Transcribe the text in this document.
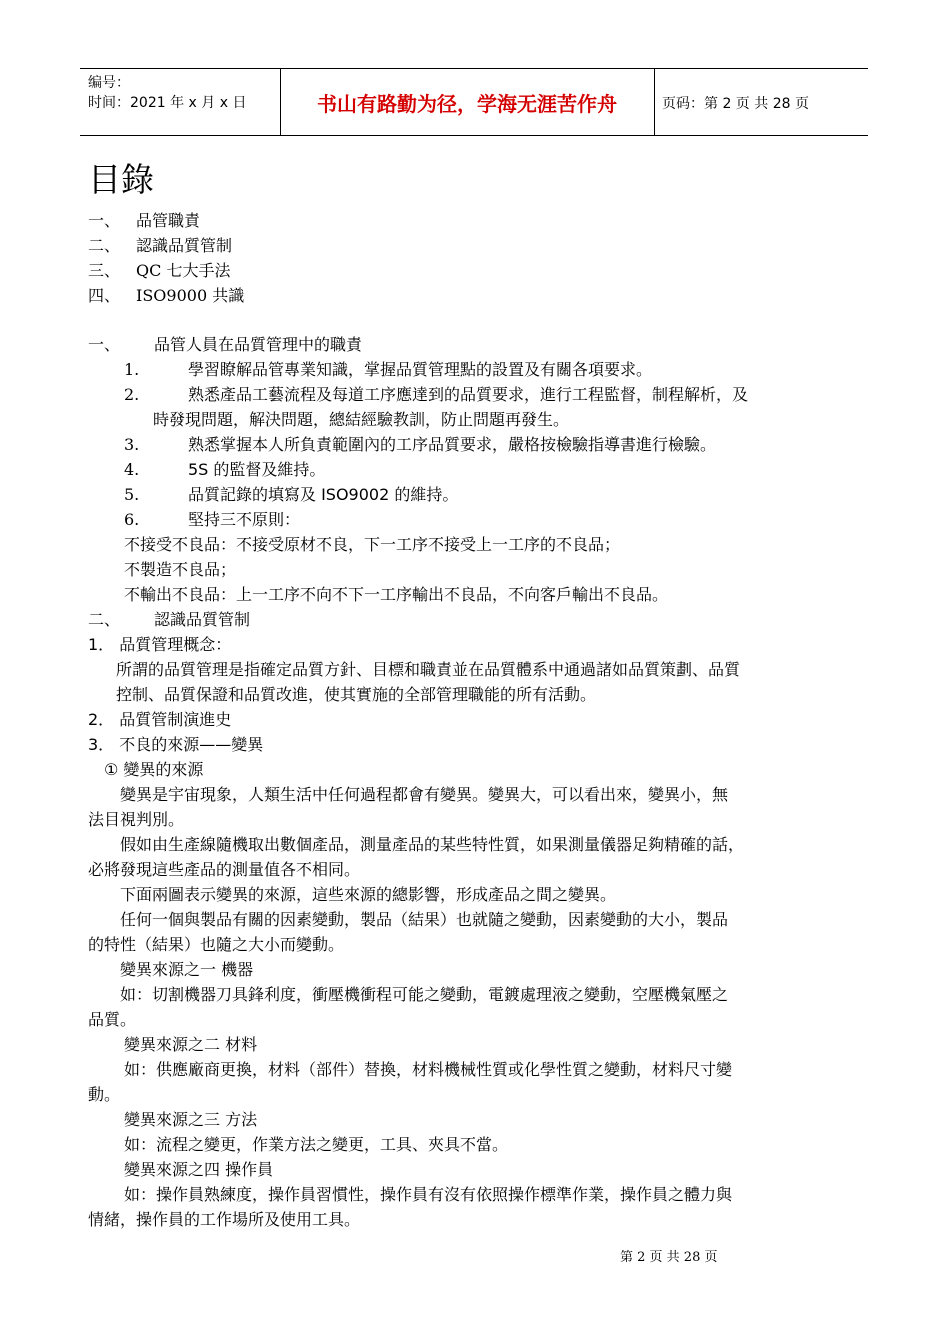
编号：
时间：2021 年 x 月 x 日	书山有路勤为径，学海无涯苦作舟	页码：第 2 页 共 28 页
目錄
一、 品管職責
二、 認識品質管制
三、 QC 七大手法
四、 ISO9000 共識
一、 品管人員在品質管理中的職責
1.	學習瞭解品管專業知識，掌握品質管理點的設置及有關各項要求。
2.	熟悉產品工藝流程及每道工序應達到的品質要求，進行工程監督，制程解析，及
時發現問題，解決問題，總結經驗教訓，防止問題再發生。
3.	熟悉掌握本人所負責範圍內的工序品質要求，嚴格按檢驗指導書進行檢驗。
4.	5S 的監督及維持。
5.	品質記錄的填寫及 ISO9002 的維持。
6.	堅持三不原則：
不接受不良品：不接受原材不良，下一工序不接受上一工序的不良品；
不製造不良品；
不輸出不良品：上一工序不向不下一工序輸出不良品，不向客戶輸出不良品。
二、 認識品質管制
1． 品質管理概念：
所謂的品質管理是指確定品質方針、目標和職責並在品質體系中通過諸如品質策劃、品質
控制、品質保證和品質改進，使其實施的全部管理職能的所有活動。
2． 品質管制演進史
3． 不良的來源——變異
① 變異的來源
變異是宇宙現象，人類生活中任何過程都會有變異。變異大，可以看出來，變異小，無
法目視判別。
假如由生產線隨機取出數個產品，測量產品的某些特性質，如果測量儀器足夠精確的話，
必將發現這些產品的測量值各不相同。
下面兩圖表示變異的來源，這些來源的總影響，形成產品之間之變異。
任何一個與製品有關的因素變動，製品（結果）也就隨之變動，因素變動的大小，製品
的特性（結果）也隨之大小而變動。
變異來源之一 機器
如：切割機器刀具鋒利度，衝壓機衝程可能之變動，電鍍處理液之變動，空壓機氣壓之
品質。
變異來源之二 材料
如：供應廠商更換，材料（部件）替換，材料機械性質或化學性質之變動，材料尺寸變
動。
變異來源之三 方法
如：流程之變更，作業方法之變更，工具、夾具不當。
變異來源之四 操作員
如：操作員熟練度，操作員習慣性，操作員有沒有依照操作標準作業，操作員之體力與
情緒，操作員的工作場所及使用工具。
第 2 页 共 28 页
